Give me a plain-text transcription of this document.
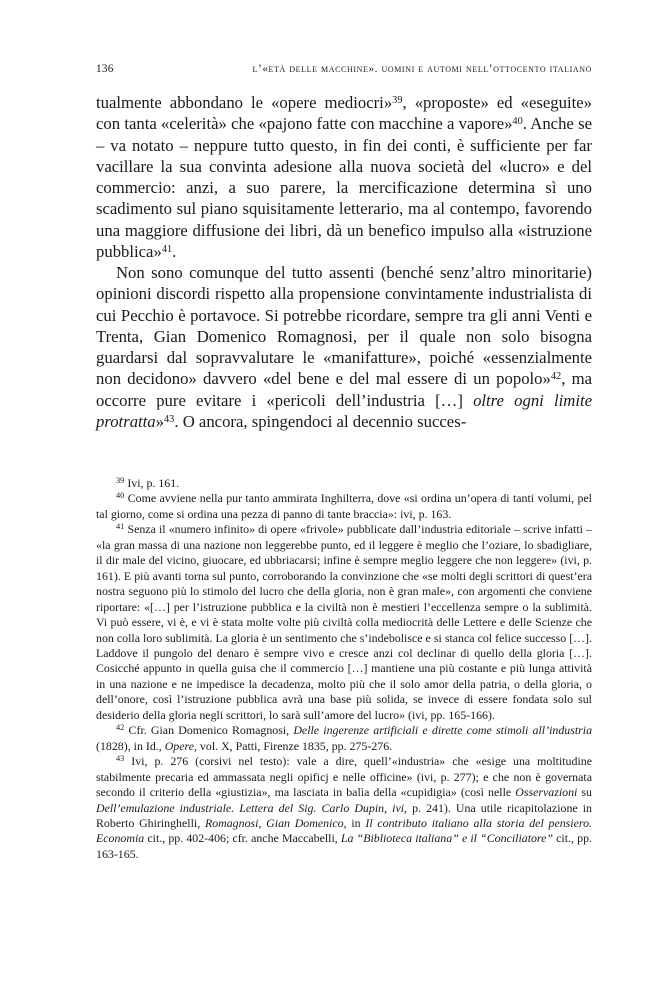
136	l’«età delle macchine». uomini e automi nell’ottocento italiano

tualmente abbondano le «opere mediocri»$^{39}$, «proposte» ed «eseguite» con tanta «celerità» che «pajono fatte con macchine a vapore»$^{40}$. Anche se – va notato – neppure tutto questo, in fin dei conti, è sufficiente per far vacillare la sua convinta adesione alla nuova società del «lucro» e del commercio: anzi, a suo parere, la mercificazione determina sì uno scadimento sul piano squisitamente letterario, ma al contempo, favorendo una maggiore diffusione dei libri, dà un benefico impulso alla «istruzione pubblica»$^{41}$.

Non sono comunque del tutto assenti (benché senz’altro minoritarie) opinioni discordi rispetto alla propensione convintamente industrialista di cui Pecchio è portavoce. Si potrebbe ricordare, sempre tra gli anni Venti e Trenta, Gian Domenico Romagnosi, per il quale non solo bisogna guardarsi dal sopravvalutare le «manifatture», poiché «essenzialmente non decidono» davvero «del bene e del mal essere di un popolo»$^{42}$, ma occorre pure evitare i «pericoli dell’industria […] oltre ogni limite protratta»$^{43}$. O ancora, spingendoci al decennio succes-

$^{39}$ Ivi, p. 161.

$^{40}$ Come avviene nella pur tanto ammirata Inghilterra, dove «si ordina un’opera di tanti volumi, pel tal giorno, come si ordina una pezza di panno di tante braccia»: ivi, p. 163.

$^{41}$ Senza il «numero infinito» di opere «frivole» pubblicate dall’industria editoriale – scrive infatti – «la gran massa di una nazione non leggerebbe punto, ed il leggere è meglio che l’oziare, lo sbadigliare, il dir male del vicino, giuocare, ed ubbriacarsi; infine è sempre meglio leggere che non leggere» (ivi, p. 161). E più avanti torna sul punto, corroborando la convinzione che «se molti degli scrittori di quest’era nostra seguono più lo stimolo del lucro che della gloria, non è gran male», con argomenti che conviene riportare: «[…] per l’istruzione pubblica e la civiltà non è mestieri l’eccellenza sempre o la sublimità. Vi può essere, vi è, e vi è stata molte volte più civiltà colla mediocrità delle Lettere e delle Scienze che non colla loro sublimità. La gloria è un sentimento che s’indebolisce e si stanca col felice successo […]. Laddove il pungolo del denaro è sempre vivo e cresce anzi col declinar di quello della gloria […]. Cosicché appunto in quella guisa che il commercio […] mantiene una più costante e più lunga attività in una nazione e ne impedisce la decadenza, molto più che il solo amor della patria, o della gloria, o dell’onore, così l’istruzione pubblica avrà una base più solida, se invece di essere fondata solo sul desiderio della gloria negli scrittori, lo sarà sull’amore del lucro» (ivi, pp. 165-166).

$^{42}$ Cfr. Gian Domenico Romagnosi, Delle ingerenze artificiali e dirette come stimoli all’industria (1828), in Id., Opere, vol. X, Patti, Firenze 1835, pp. 275-276.

$^{43}$ Ivi, p. 276 (corsivi nel testo): vale a dire, quell’«industria» che «esige una moltitudine stabilmente precaria ed ammassata negli opificj e nelle officine» (ivi, p. 277); e che non è governata secondo il criterio della «giustizia», ma lasciata in balìa della «cupidigia» (così nelle Osservazioni su Dell’emulazione industriale. Lettera del Sig. Carlo Dupin, ivi, p. 241). Una utile ricapitolazione in Roberto Ghiringhelli, Romagnosi, Gian Domenico, in Il contributo italiano alla storia del pensiero. Economia cit., pp. 402-406; cfr. anche Maccabelli, La “Biblioteca italiana” e il “Conciliatore” cit., pp. 163-165.
